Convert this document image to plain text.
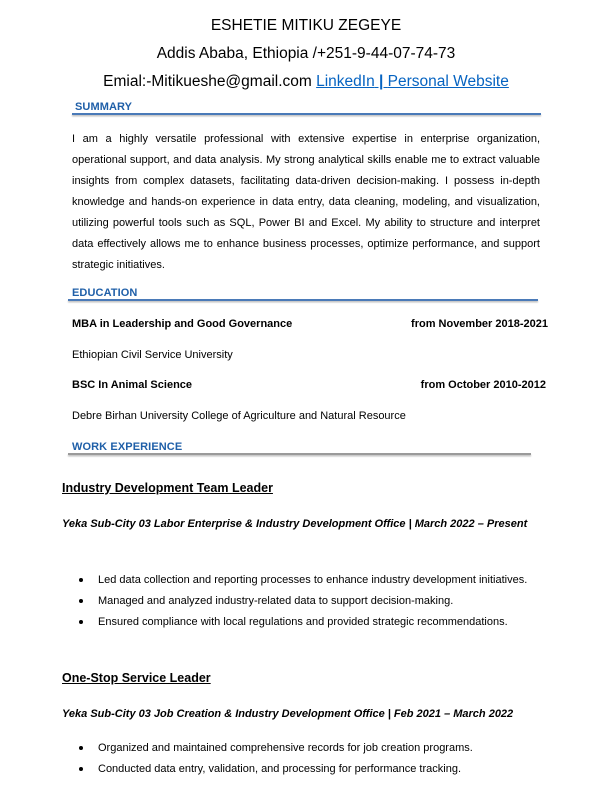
ESHETIE MITIKU ZEGEYE
Addis Ababa, Ethiopia /+251-9-44-07-74-73
Emial:-Mitikueshe@gmail.com LinkedIn | Personal Website
SUMMARY
I am a highly versatile professional with extensive expertise in enterprise organization, operational support, and data analysis. My strong analytical skills enable me to extract valuable insights from complex datasets, facilitating data-driven decision-making. I possess in-depth knowledge and hands-on experience in data entry, data cleaning, modeling, and visualization, utilizing powerful tools such as SQL, Power BI and Excel. My ability to structure and interpret data effectively allows me to enhance business processes, optimize performance, and support strategic initiatives.
EDUCATION
MBA in Leadership and Good Governance	from November 2018-2021
Ethiopian Civil Service University
BSC In Animal Science	from October 2010-2012
Debre Birhan University College of Agriculture and Natural Resource
WORK EXPERIENCE
Industry Development Team Leader
Yeka Sub-City 03 Labor Enterprise & Industry Development Office | March 2022 – Present
Led data collection and reporting processes to enhance industry development initiatives.
Managed and analyzed industry-related data to support decision-making.
Ensured compliance with local regulations and provided strategic recommendations.
One-Stop Service Leader
Yeka Sub-City 03 Job Creation & Industry Development Office | Feb 2021 – March 2022
Organized and maintained comprehensive records for job creation programs.
Conducted data entry, validation, and processing for performance tracking.
